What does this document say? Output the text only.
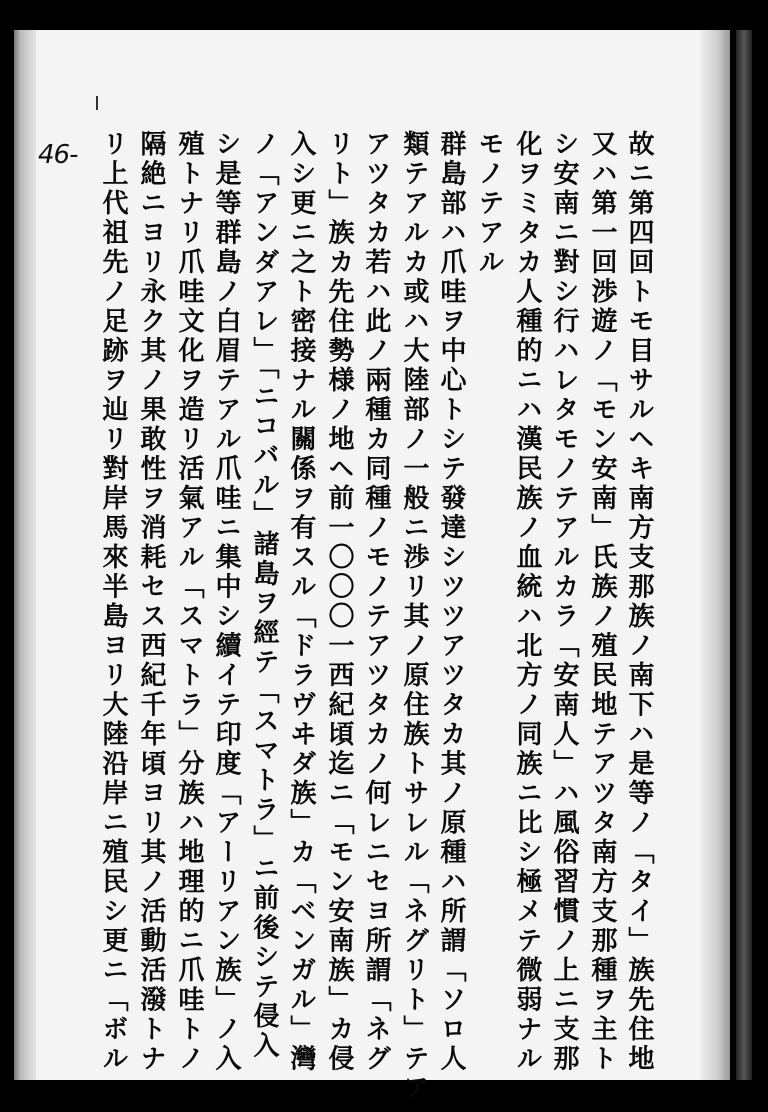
46-	故ニ第四回トモ目サルヘキ南方支那族ノ南下ハ是等ノ「タイ」族先住地
又ハ第一回渉遊ノ「モン安南」氏族ノ殖民地テアツタ南方支那種ヲ主ト
シ安南ニ對シ行ハレタモノテアルカラ「安南人」ハ風俗習慣ノ上ニ支那
化ヲミタカ人種的ニハ漢民族ノ血統ハ北方ノ同族ニ比シ極メテ微弱ナル
モノテアル
群島部ハ爪哇ヲ中心トシテ發達シツツアツタカ其ノ原種ハ所謂「ソロ人
類テアルカ或ハ大陸部ノ一般ニ渉リ其ノ原住族トサレル「ネグリト」テア
アツタカ若ハ此ノ兩種カ同種ノモノテアツタカノ何レニセヨ所謂「ネグ
リト」族カ先住勢様ノ地ヘ前一〇〇〇一西紀頃迄ニ「モン安南族」カ侵
入シ更ニ之ト密接ナル關係ヲ有スル「ドラヴヰダ族」カ「ベンガル」灣
ノ「アンダアレ」「ニコバル」諸島ヲ經テ「スマトラ」ニ前後シテ侵入
シ是等群島ノ白眉テアル爪哇ニ集中シ續イテ印度「アーリアン族」ノ入
殖トナリ爪哇文化ヲ造リ活氣アル「スマトラ」分族ハ地理的ニ爪哇トノ
隔絶ニヨリ永ク其ノ果敢性ヲ消耗セス西紀千年頃ヨリ其ノ活動活潑トナ
リ上代祖先ノ足跡ヲ辿リ對岸馬來半島ヨリ大陸沿岸ニ殖民シ更ニ「ボル
